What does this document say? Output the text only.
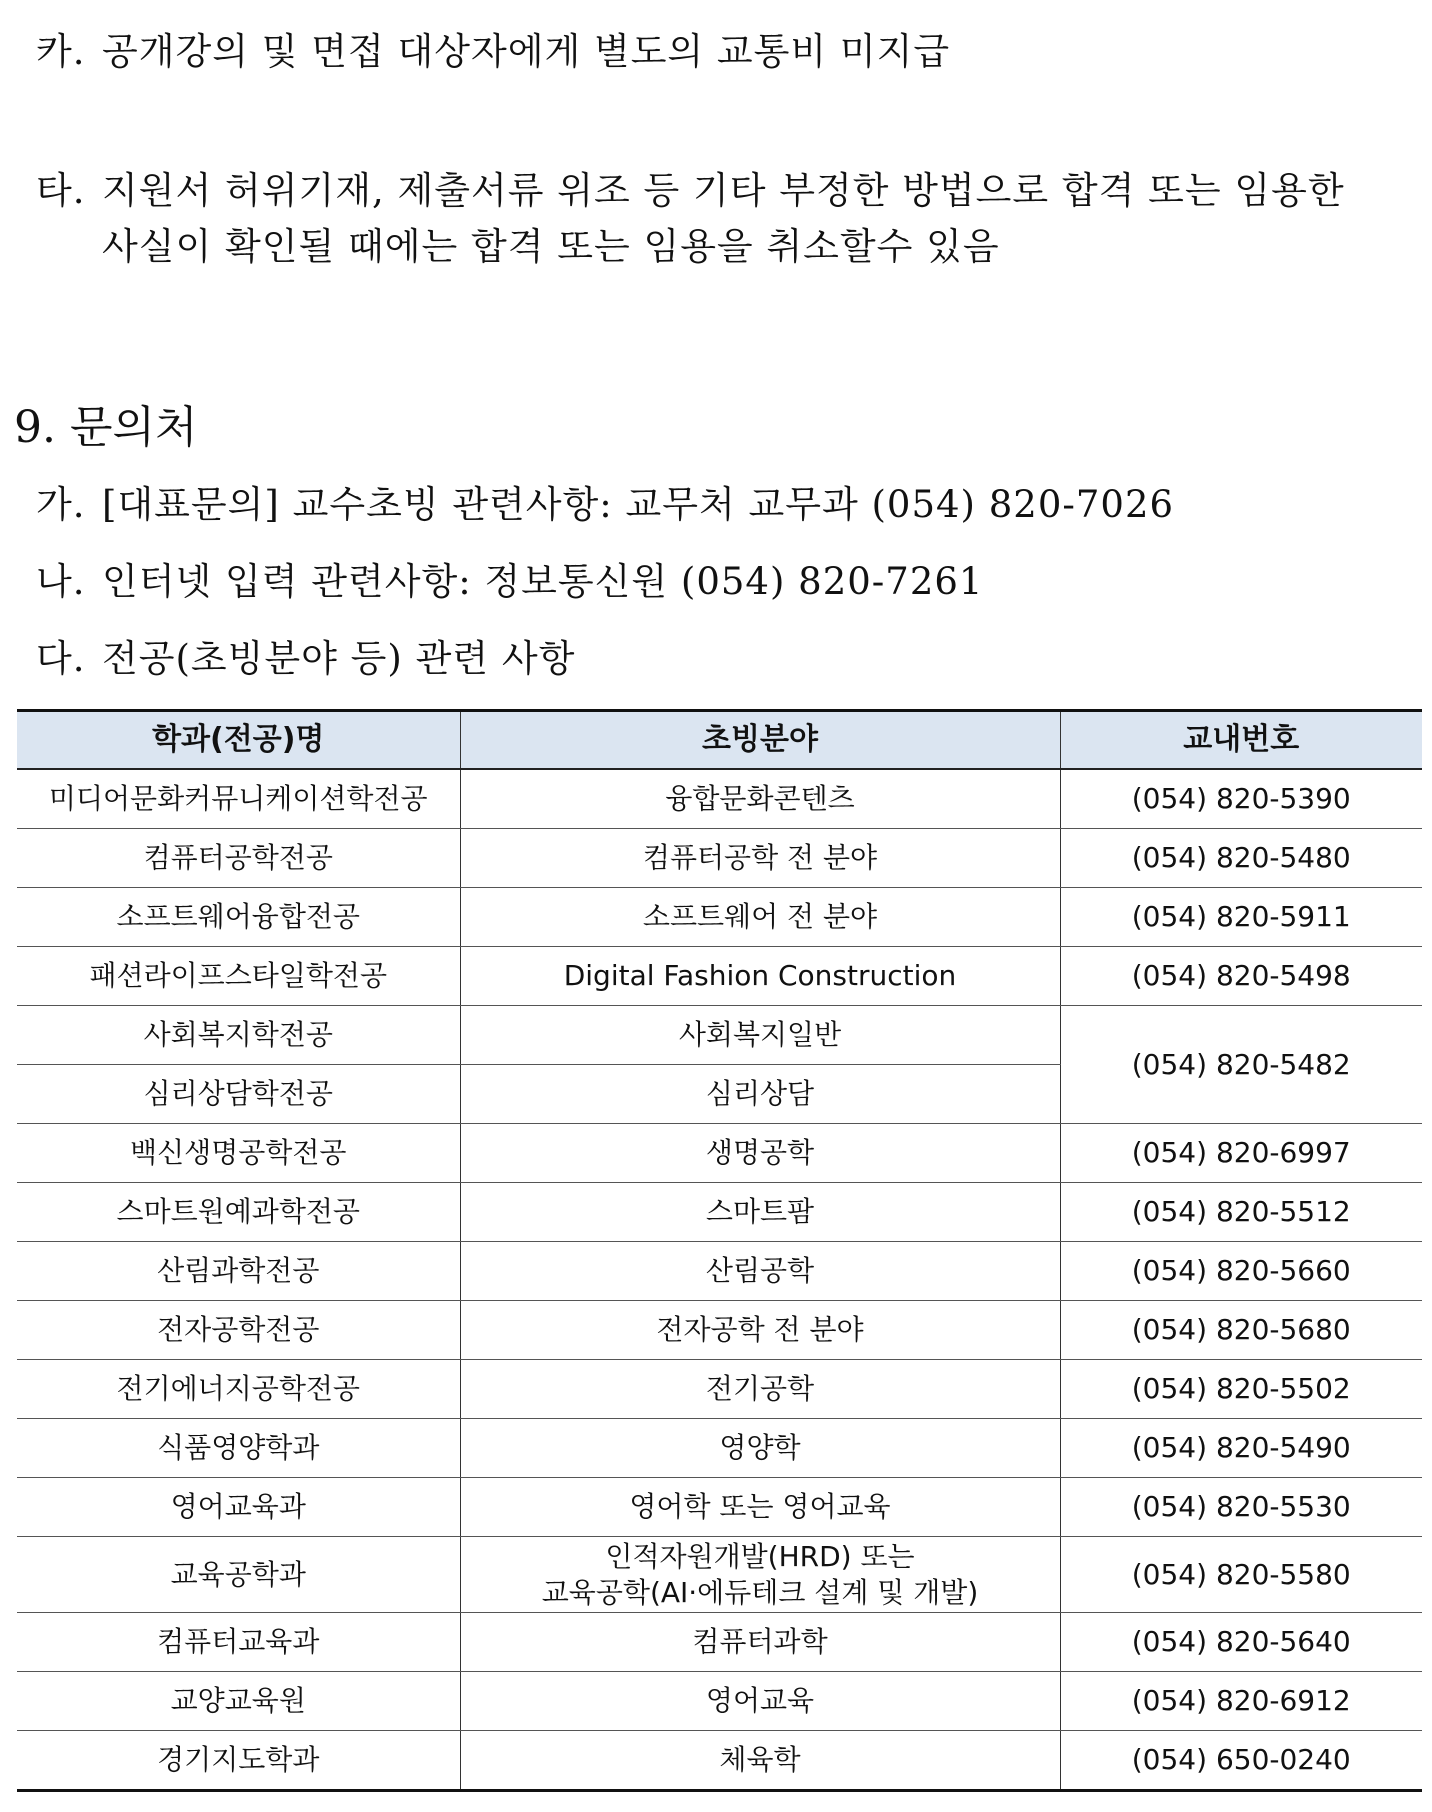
카. 공개강의 및 면접 대상자에게 별도의 교통비 미지급
타. 지원서 허위기재, 제출서류 위조 등 기타 부정한 방법으로 합격 또는 임용한
사실이 확인될 때에는 합격 또는 임용을 취소할수 있음
9. 문의처
가. [대표문의] 교수초빙 관련사항: 교무처 교무과 (054) 820-7026
나. 인터넷 입력 관련사항: 정보통신원 (054) 820-7261
다. 전공(초빙분야 등) 관련 사항
학과(전공)명	초빙분야	교내번호
미디어문화커뮤니케이션학전공	융합문화콘텐츠	(054) 820-5390
컴퓨터공학전공	컴퓨터공학 전 분야	(054) 820-5480
소프트웨어융합전공	소프트웨어 전 분야	(054) 820-5911
패션라이프스타일학전공	Digital Fashion Construction	(054) 820-5498
사회복지학전공	사회복지일반	(054) 820-5482
심리상담학전공	심리상담	
백신생명공학전공	생명공학	(054) 820-6997
스마트원예과학전공	스마트팜	(054) 820-5512
산림과학전공	산림공학	(054) 820-5660
전자공학전공	전자공학 전 분야	(054) 820-5680
전기에너지공학전공	전기공학	(054) 820-5502
식품영양학과	영양학	(054) 820-5490
영어교육과	영어학 또는 영어교육	(054) 820-5530
교육공학과	인적자원개발(HRD) 또는
교육공학(AI·에듀테크 설계 및 개발)	(054) 820-5580
컴퓨터교육과	컴퓨터과학	(054) 820-5640
교양교육원	영어교육	(054) 820-6912
경기지도학과	체육학	(054) 650-0240
